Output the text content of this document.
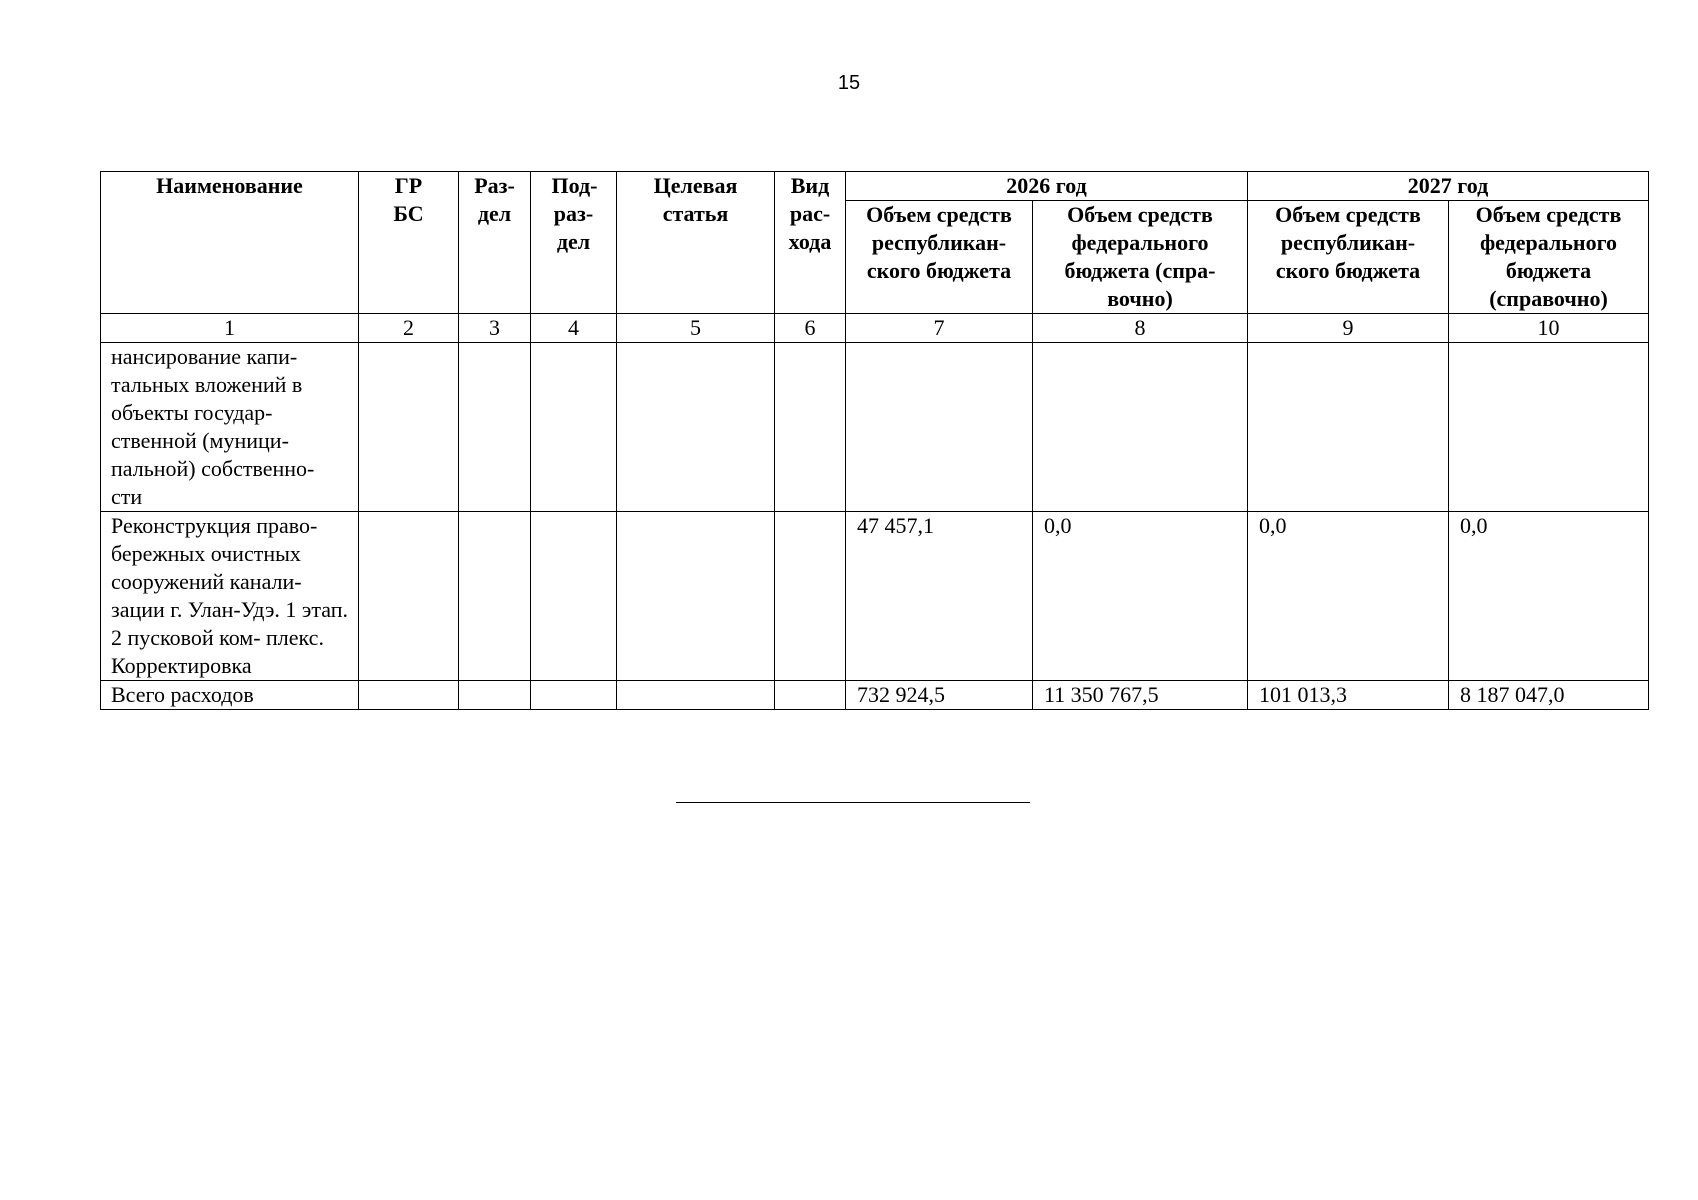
15
Наименование	ГР БС	Раз- дел	Под- раз- дел	Целевая статья	Вид рас- хода	2026 год		2027 год	
						Объем средств республикан- ского бюджета	Объем средств федерального бюджета (спра- вочно)	Объем средств республикан- ского бюджета	Объем средств федерального бюджета (справочно)
1	2	3	4	5	6	7	8	9	10
нансирование капи- тальных вложений в объекты государ- ственной (муници- пальной) собственно- сти									
Реконструкция право- бережных очистных сооружений канали- зации г. Улан-Удэ. 1 этап. 2 пусковой ком- плекс. Корректировка						47 457,1	0,0	0,0	0,0
Всего расходов						732 924,5	11 350 767,5	101 013,3	8 187 047,0
